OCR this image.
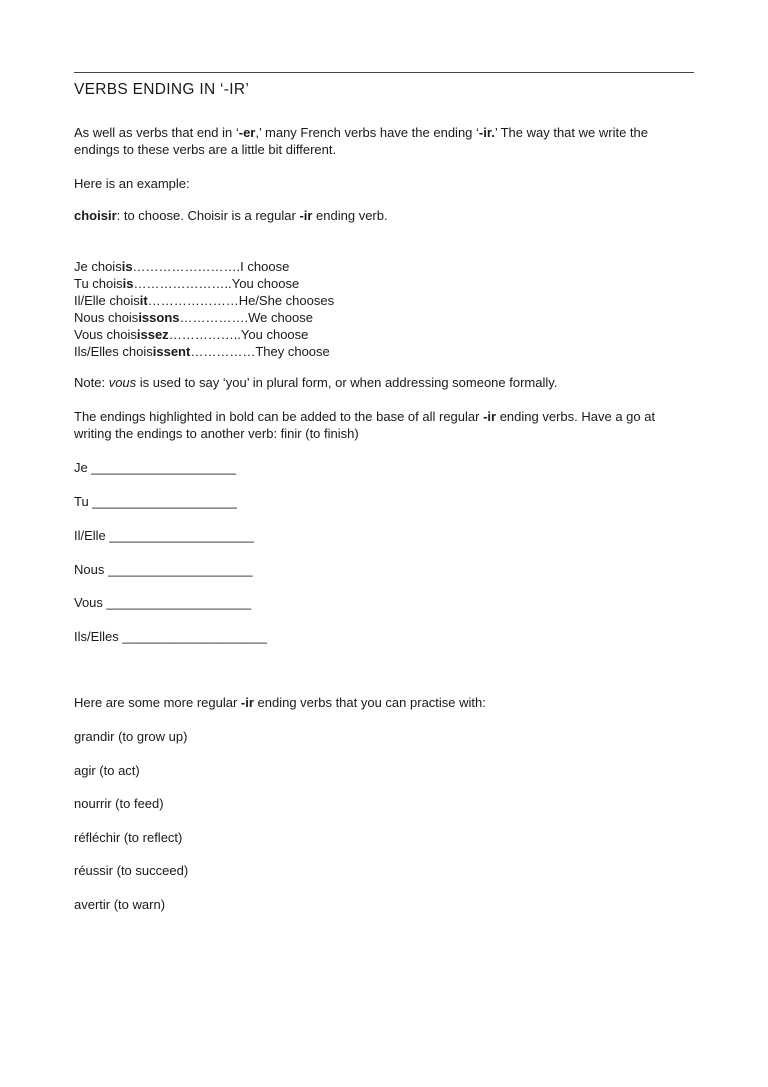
VERBS ENDING IN ‘-IR’

As well as verbs that end in ‘-er,’ many French verbs have the ending ‘-ir.’ The way that we write the endings to these verbs are a little bit different.

Here is an example:
choisir: to choose. Choisir is a regular -ir ending verb.
Je choisis…………………….I choose
Tu choisis…………………..You choose
Il/Elle choisit…………………He/She chooses
Nous choisissons…………….We choose
Vous choisissez……………..You choose
Ils/Elles choisissent……………They choose
Note: vous is used to say ‘you’ in plural form, or when addressing someone formally.

The endings highlighted in bold can be added to the base of all regular -ir ending verbs. Have a go at writing the endings to another verb: finir (to finish)

Je ____________________
Tu ____________________
Il/Elle ____________________
Nous ____________________
Vous ____________________
Ils/Elles ____________________
Here are some more regular -ir ending verbs that you can practise with:
grandir (to grow up)
agir (to act)
nourrir (to feed)
réfléchir (to reflect)
réussir (to succeed)
avertir (to warn)
